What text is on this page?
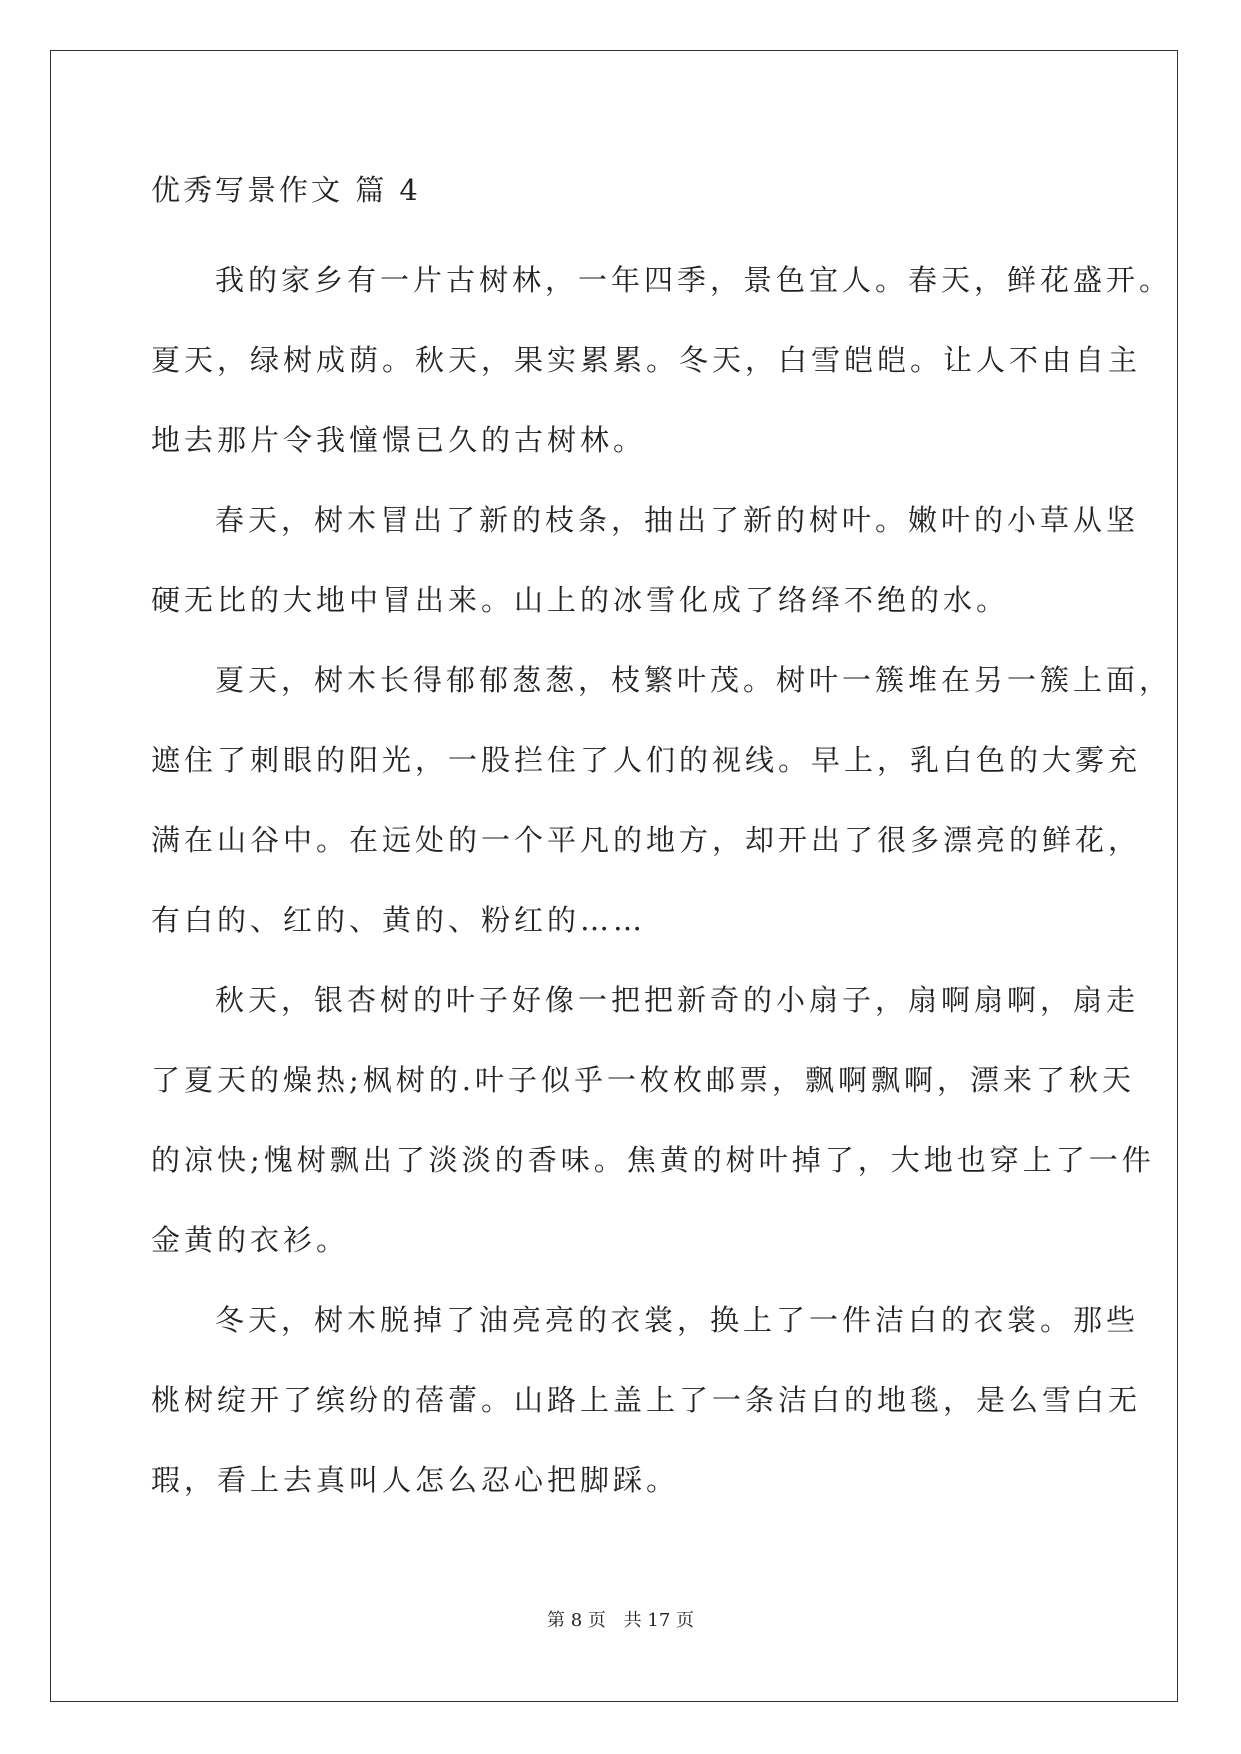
优秀写景作文 篇 4
我的家乡有一片古树林，一年四季，景色宜人。春天，鲜花盛开。
夏天，绿树成荫。秋天，果实累累。冬天，白雪皑皑。让人不由自主
地去那片令我憧憬已久的古树林。
春天，树木冒出了新的枝条，抽出了新的树叶。嫩叶的小草从坚
硬无比的大地中冒出来。山上的冰雪化成了络绎不绝的水。
夏天，树木长得郁郁葱葱，枝繁叶茂。树叶一簇堆在另一簇上面，
遮住了刺眼的阳光，一股拦住了人们的视线。早上，乳白色的大雾充
满在山谷中。在远处的一个平凡的地方，却开出了很多漂亮的鲜花，
有白的、红的、黄的、粉红的……
秋天，银杏树的叶子好像一把把新奇的小扇子，扇啊扇啊，扇走
了夏天的燥热;枫树的.叶子似乎一枚枚邮票，飘啊飘啊，漂来了秋天
的凉快;愧树飘出了淡淡的香味。焦黄的树叶掉了，大地也穿上了一件
金黄的衣衫。
冬天，树木脱掉了油亮亮的衣裳，换上了一件洁白的衣裳。那些
桃树绽开了缤纷的蓓蕾。山路上盖上了一条洁白的地毯，是么雪白无
瑕，看上去真叫人怎么忍心把脚踩。
第 8 页 共 17 页
